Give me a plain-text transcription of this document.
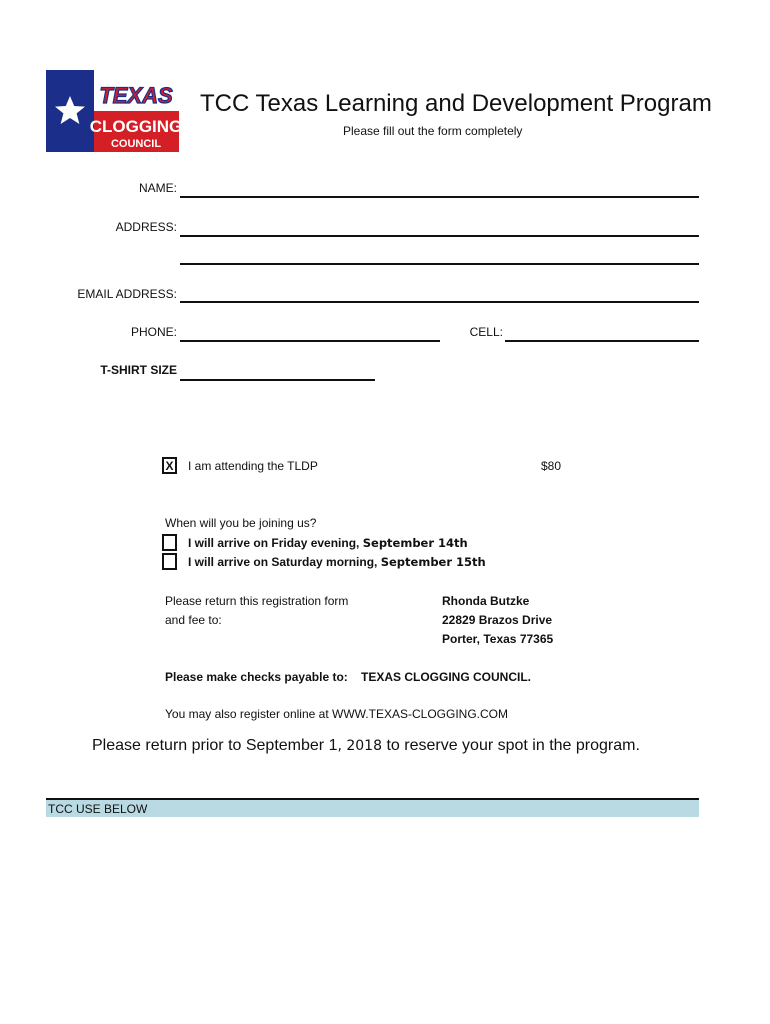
TEXAS
CLOGGING
COUNCIL
TCC Texas Learning and Development Program
Please fill out the form completely
NAME:
ADDRESS:
EMAIL ADDRESS:
PHONE:	CELL:
T-SHIRT SIZE
X I am attending the TLDP	$80
When will you be joining us?
I will arrive on Friday evening, September 14th
I will arrive on Saturday morning, September 15th
Please return this registration form
and fee to:
Rhonda Butzke
22829 Brazos Drive
Porter, Texas 77365
Please make checks payable to: TEXAS CLOGGING COUNCIL.
You may also register online at WWW.TEXAS-CLOGGING.COM
Please return prior to September 1, 2018 to reserve your spot in the program.
TCC USE BELOW
